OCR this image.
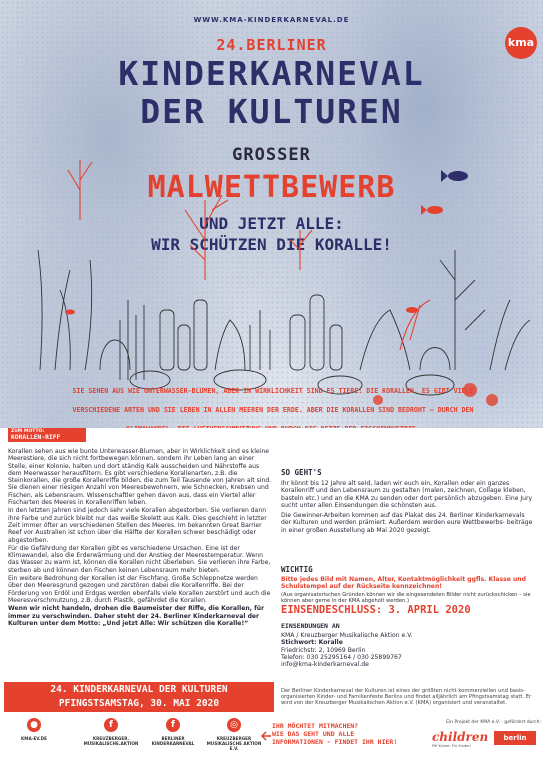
WWW.KMA-KINDERKARNEVAL.DE

kma

24.BERLINER

KINDERKARNEVAL

DER KULTUREN

GROSSER

MALWETTBEWERB

UND JETZT ALLE:

WIR SCHÜTZEN DIE KORALLE!

SIE SEHEN AUS WIE UNTERWASSER-BLUMEN, ABER IN WIRKLICHKEIT SIND ES TIERE: DIE KORALLEN. ES GIBT VIELE VERSCHIEDENE ARTEN UND SIE LEBEN IN ALLEN MEEREN DER ERDE. ABER DIE KORALLEN SIND BEDROHT – DURCH DEN
ZUM MOTTO:
KORALLEN-RIFF

Korallen sehen aus wie bunte Unterwasser-Blumen, aber in Wirklichkeit sind es kleine Meerestiere, die sich nicht fortbewegen können, sondern ihr Leben lang an einer Stelle, einer Kolonie, halten und dort ständig Kalk ausscheiden und Nährstoffe aus dem Meerwasser herausfiltern. Es gibt verschiedene Korallenarten, z.B. die Steinkorallen, die große Korallenriffe bilden, die zum Teil Tausende von Jahren alt sind. Sie dienen einer riesigen Anzahl von Meeresbewohnern, wie Schnecken, Krebsen und Fischen, als Lebensraum. Wissenschaftler gehen davon aus, dass ein Viertel aller Fischarten des Meeres in Korallenriffen leben.

In den letzten Jahren sind jedoch sehr viele Korallen abgestorben. Sie verlieren dann ihre Farbe und zurück bleibt nur das weiße Skelett aus Kalk. Dies geschieht in letzter Zeit immer öfter an verschiedenen Stellen des Meeres. Im bekannten Great Barrier Reef vor Australien ist schon über die Hälfte der Korallen schwer beschädigt oder abgestorben.

Für die Gefährdung der Korallen gibt es verschiedene Ursachen. Eine ist der Klimawandel, also die Erderwärmung und der Anstieg der Meerestemperatur. Wenn das Wasser zu warm ist, können die Korallen nicht überleben. Sie verlieren ihre Farbe, sterben ab und können den Fischen keinen Lebensraum mehr bieten.

Ein weitere Bedrohung der Korallen ist der Fischfang. Große Schleppnetze werden über den Meeresgrund gezogen und zerstören dabei die Korallenriffe. Bei der Förderung von Erdöl und Erdgas werden ebenfalls viele Korallen zerstört und auch die Meeresverschmutzung, z.B. durch Plastik, gefährdet die Korallen.

Wenn wir nicht handeln, drohen die Baumeister der Riffe, die Korallen, für immer zu verschwinden. Daher steht der 24. Berliner Kinderkarneval der Kulturen unter dem Motto: „Und jetzt Alle: Wir schützen die Koralle!“

24. KINDERKARNEVAL DER KULTUREN
PFINGSTSAMSTAG, 30. MAI 2020
●
KMA-EV.DE
f
KREUZBERGER. MUSIKALISCHE.AKTION
f
BERLINER KINDERKARNEVAL
◎
KREUZBERGER MUSIKALISCHE AKTION E.V.
SO GEHT'S

Ihr könnt bis 12 Jahre alt seid, laden wir euch ein, Korallen oder ein ganzes Korallenriff und den Lebensraum zu gestalten (malen, zeichnen, Collage kleben, basteln etc.) und an die KMA zu senden oder dort persönlich abzugeben. Eine Jury sucht unter allen Einsendungen die schönsten aus.

Die Gewinner-Arbeiten kommen auf das Plakat des 24. Berliner Kinderkarnevals der Kulturen und werden prämiert. Außerdem werden eure Wettbewerbs- beiträge in einer großen Ausstellung ab Mai 2020 gezeigt.

WICHTIG
Bitte jedes Bild mit Namen, Alter, Kontaktmöglichkeit ggfls. Klasse und Schulstempel auf der Rückseite kennzeichnen!
(Aus organisatorischen Gründen können wir die eingesendeten Bilder nicht zurückschicken – sie können aber gerne in der KMA abgeholt werden.)
EINSENDESCHLUSS: 3. APRIL 2020
EINSENDUNGEN AN
KMA / Kreuzberger Musikalische Aktion e.V.
Stichwort: Koralle
Friedrichstr. 2, 10969 Berlin
Telefon: 030 25295164 / 030 25899767
info@kma-kinderkarneval.de
Der Berliner Kinderkarneval der Kulturen ist eines der größten nicht kommerziellen und basis-organisierten Kinder- und Familienfeste Berlins und findet alljährlich am Pfingstsamstag statt. Er wird von der Kreuzberger Musikalischen Aktion e.V. (KMA) organisiert und veranstaltet.
Ein Projekt der KMA e.V. - gefördert durch:
IHR MÖCHTET MITMACHEN?
WIE DAS GEHT UND ALLE
INFORMATIONEN - FINDET IHR HIER!	children
Pfif Kinder. Für Kinder!
berlin
